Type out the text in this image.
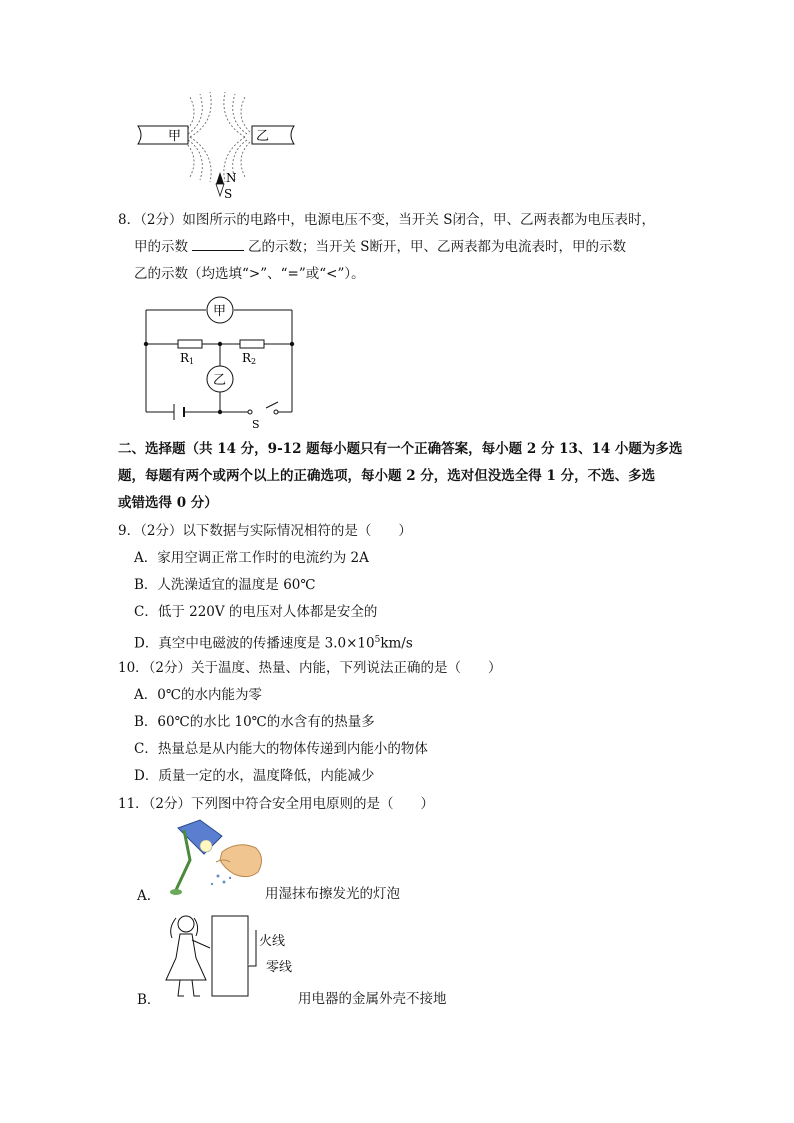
甲	乙
N
S
8．（2分）如图所示的电路中，电源电压不变，当开关 S闭合，甲、乙两表都为电压表时，
甲的示数	乙的示数；当开关 S断开，甲、乙两表都为电流表时，甲的示数
乙的示数（均选填“>”、“=”或“<”）。
甲
乙
R1	R2
S
二、选择题（共 14 分，9-12 题每小题只有一个正确答案，每小题 2 分 13、14 小题为多选
题，每题有两个或两个以上的正确选项，每小题 2 分，选对但没选全得 1 分，不选、多选
或错选得 0 分）
9．（2分）以下数据与实际情况相符的是（　　）
A．家用空调正常工作时的电流约为 2A
B．人洗澡适宜的温度是 60℃
C．低于 220V 的电压对人体都是安全的
D．真空中电磁波的传播速度是 $3.0\times 10^5km/s$
10．（2分）关于温度、热量、内能，下列说法正确的是（　　）
A．0℃的水内能为零
B．60℃的水比 10℃的水含有的热量多
C．热量总是从内能大的物体传递到内能小的物体
D．质量一定的水，温度降低，内能减少
11．（2分）下列图中符合安全用电原则的是（　　）
A．	用湿抹布擦发光的灯泡
火线
零线
B．	用电器的金属外壳不接地
